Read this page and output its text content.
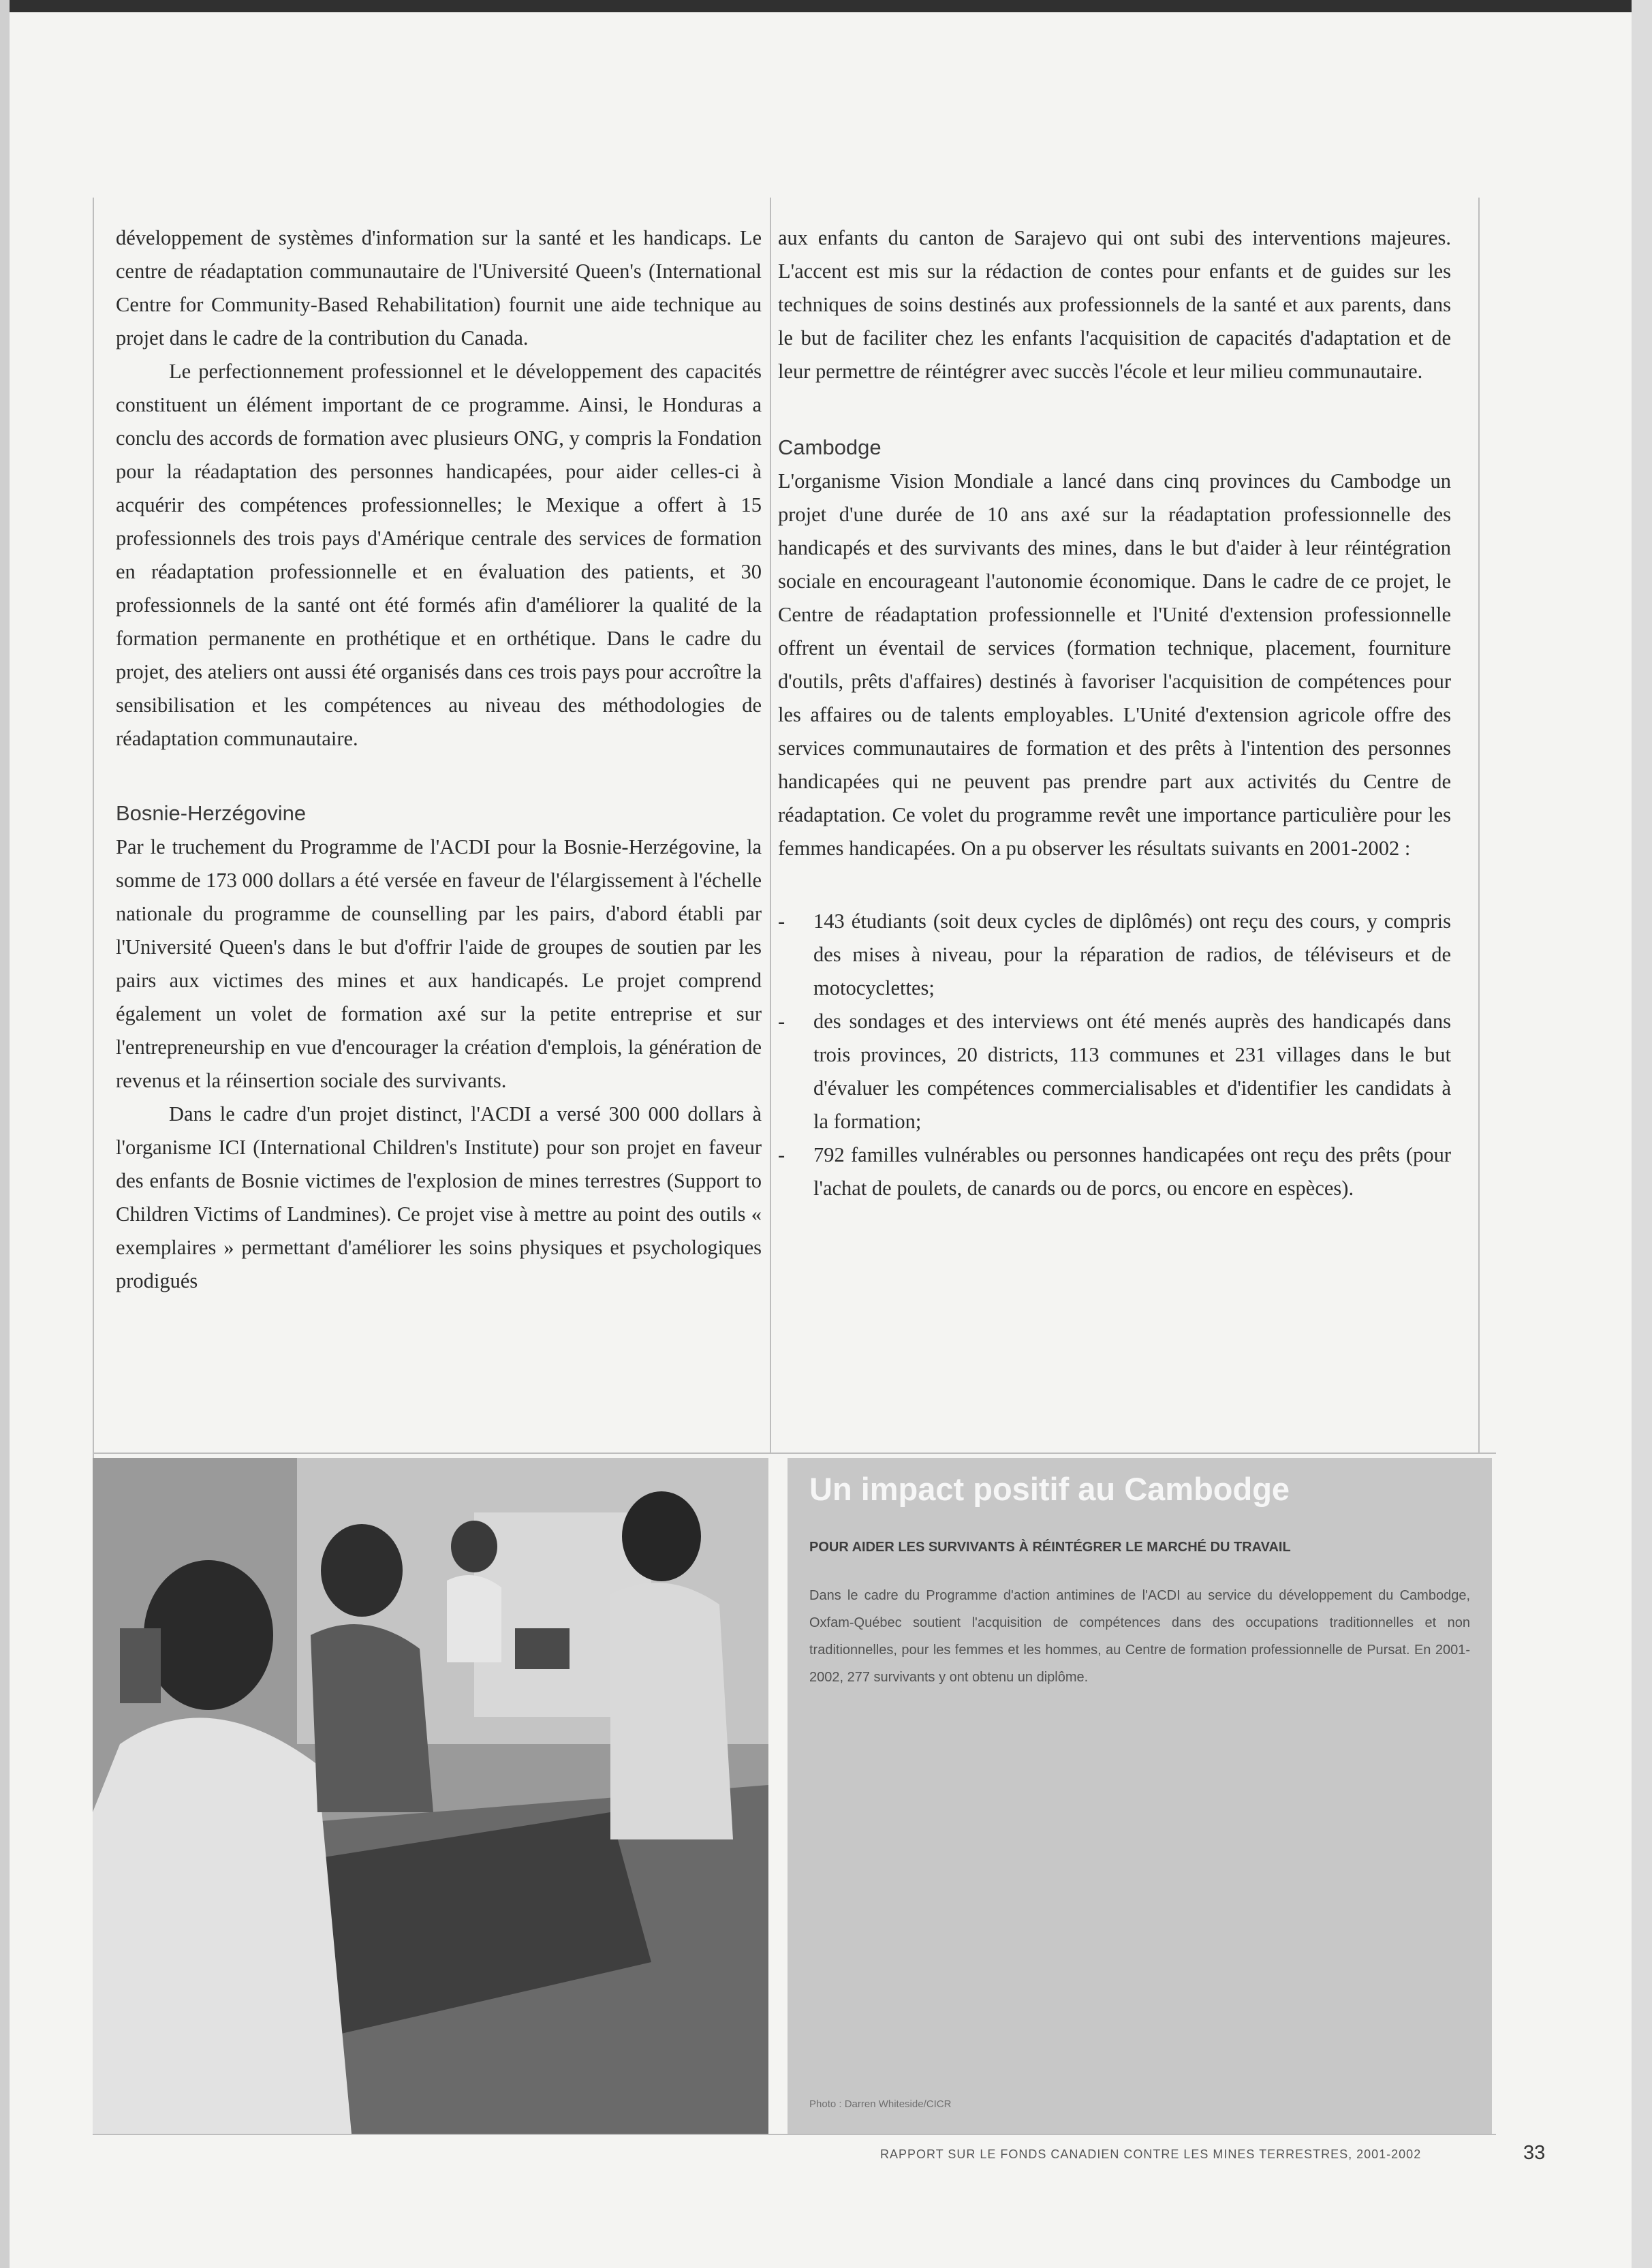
développement de systèmes d'information sur la santé et les handicaps. Le centre de réadaptation communautaire de l'Université Queen's (International Centre for Community-Based Rehabilitation) fournit une aide technique au projet dans le cadre de la contribution du Canada.

Le perfectionnement professionnel et le développement des capacités constituent un élément important de ce programme. Ainsi, le Honduras a conclu des accords de formation avec plusieurs ONG, y compris la Fondation pour la réadaptation des personnes handicapées, pour aider celles-ci à acquérir des compétences professionnelles; le Mexique a offert à 15 professionnels des trois pays d'Amérique centrale des services de formation en réadaptation professionnelle et en évaluation des patients, et 30 professionnels de la santé ont été formés afin d'améliorer la qualité de la formation permanente en prothétique et en orthétique. Dans le cadre du projet, des ateliers ont aussi été organisés dans ces trois pays pour accroître la sensibilisation et les compétences au niveau des méthodologies de réadaptation communautaire.

Bosnie-Herzégovine

Par le truchement du Programme de l'ACDI pour la Bosnie-Herzégovine, la somme de 173 000 dollars a été versée en faveur de l'élargissement à l'échelle nationale du programme de counselling par les pairs, d'abord établi par l'Université Queen's dans le but d'offrir l'aide de groupes de soutien par les pairs aux victimes des mines et aux handicapés. Le projet comprend également un volet de formation axé sur la petite entreprise et sur l'entrepreneurship en vue d'encourager la création d'emplois, la génération de revenus et la réinsertion sociale des survivants.

Dans le cadre d'un projet distinct, l'ACDI a versé 300 000 dollars à l'organisme ICI (International Children's Institute) pour son projet en faveur des enfants de Bosnie victimes de l'explosion de mines terrestres (Support to Children Victims of Landmines). Ce projet vise à mettre au point des outils « exemplaires » permettant d'améliorer les soins physiques et psychologiques prodigués

aux enfants du canton de Sarajevo qui ont subi des interventions majeures. L'accent est mis sur la rédaction de contes pour enfants et de guides sur les techniques de soins destinés aux professionnels de la santé et aux parents, dans le but de faciliter chez les enfants l'acquisition de capacités d'adaptation et de leur permettre de réintégrer avec succès l'école et leur milieu communautaire.

Cambodge

L'organisme Vision Mondiale a lancé dans cinq provinces du Cambodge un projet d'une durée de 10 ans axé sur la réadaptation professionnelle des handicapés et des survivants des mines, dans le but d'aider à leur réintégration sociale en encourageant l'autonomie économique. Dans le cadre de ce projet, le Centre de réadaptation professionnelle et l'Unité d'extension professionnelle offrent un éventail de services (formation technique, placement, fourniture d'outils, prêts d'affaires) destinés à favoriser l'acquisition de compétences pour les affaires ou de talents employables. L'Unité d'extension agricole offre des services communautaires de formation et des prêts à l'intention des personnes handicapées qui ne peuvent pas prendre part aux activités du Centre de réadaptation. Ce volet du programme revêt une importance particulière pour les femmes handicapées. On a pu observer les résultats suivants en 2001-2002 :

- 143 étudiants (soit deux cycles de diplômés) ont reçu des cours, y compris des mises à niveau, pour la réparation de radios, de téléviseurs et de motocyclettes;
- des sondages et des interviews ont été menés auprès des handicapés dans trois provinces, 20 districts, 113 communes et 231 villages dans le but d'évaluer les compétences commercialisables et d'identifier les candidats à la formation;
- 792 familles vulnérables ou personnes handicapées ont reçu des prêts (pour l'achat de poulets, de canards ou de porcs, ou encore en espèces).
Un impact positif au Cambodge
POUR AIDER LES SURVIVANTS À RÉINTÉGRER LE MARCHÉ DU TRAVAIL
Dans le cadre du Programme d'action antimines de l'ACDI au service du développement du Cambodge, Oxfam-Québec soutient l'acquisition de compétences dans des occupations traditionnelles et non traditionnelles, pour les femmes et les hommes, au Centre de formation professionnelle de Pursat. En 2001-2002, 277 survivants y ont obtenu un diplôme.
Photo : Darren Whiteside/CICR
RAPPORT SUR LE FONDS CANADIEN CONTRE LES MINES TERRESTRES, 2001-2002	33
